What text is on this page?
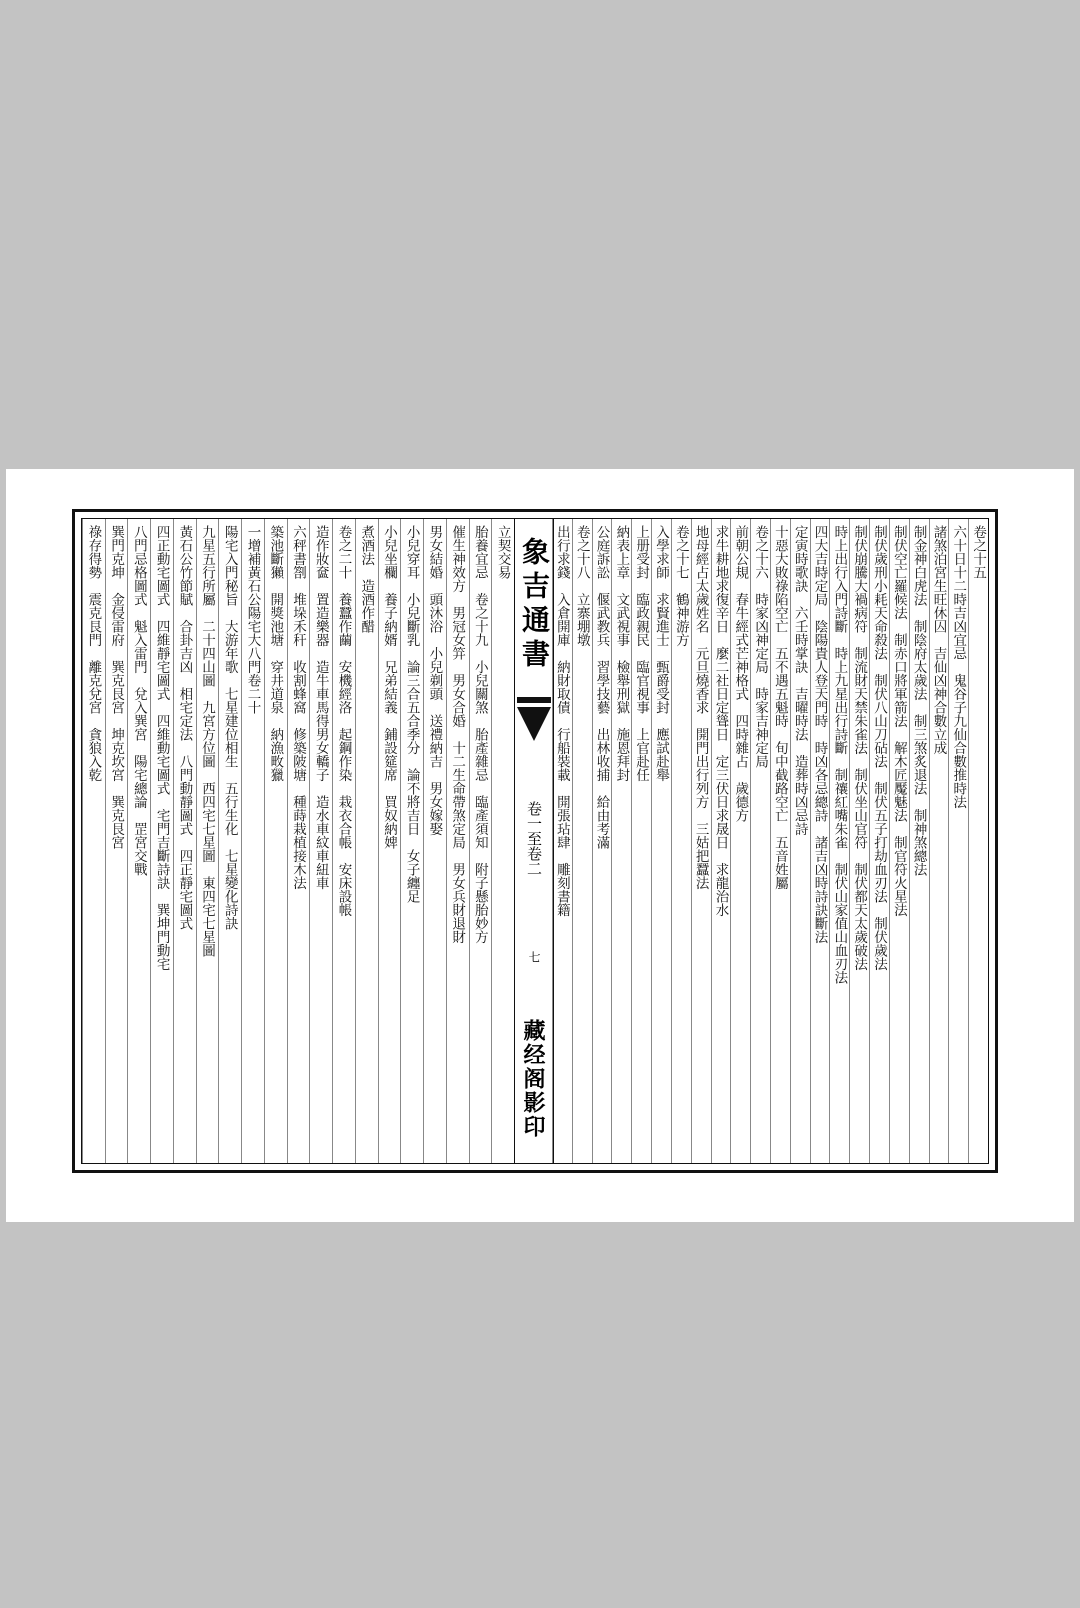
卷之十五
六十日十二時吉凶宜忌　鬼谷子九仙合數推時法
諸煞泊宮生旺休囚　吉仙凶神合數立成
制金神白虎法　制陰府太歲法　制三煞炙退法　制神煞總法
制伏空亡羅候法　制赤口將軍箭法　解木匠魘魅法　制官符火星法
制伏歲刑小耗天命殺法　制伏八山刀砧法　制伏五子打劫血刃法　制伏歲法
制伏崩騰大禍病符　制流財天禁朱雀法　制伏坐山官符　制伏都天太歲破法
時上出行入門詩斷　時上九星出行詩斷　制禳紅嘴朱雀　制伏山家值山血刃法
四大吉時定局　陰陽貴人登天門時　時凶各忌總詩　諸吉凶時詩訣斷法
定寅時歌訣　六壬時掌訣　吉曜時法　造葬時凶忌詩
十惡大敗祿陷空亡　五不遇五魁時　旬中截路空亡　五音姓屬
卷之十六　時家凶神定局　時家吉神定局
前朝公規　春牛經式芒神格式　四時雜占　歲德方
求牛耕地求復辛日　麼二社日定聳日　定三伏日求晟日　求龍治水
地母經占太歲姓名　元旦燒香求　開門出行列方　三姑把蠶法
卷之十七　鶴神游方
入學求師　求賢進士　甄爵受封　應試赴舉
上册受封　臨政親民　臨官視事　上官赴任
納表上章　文武視事　檢舉刑獄　施恩拜封
公庭訴訟　偃武教兵　習學技藝　出林收捕　給由考滿
卷之十八　立寨堋墩
出行求錢　入倉開庫　納財取債　行船裝載　開張玷肆　雕刻書籍
象吉通書
卷一至卷二
七
藏经阁影印
立契交易
胎養宜忌　卷之十九　小兒關煞　胎產雜忌　臨產須知　附子懸胎妙方
催生神效方　男冠女笄　男女合婚　十二生命帶煞定局　男女兵財退財
男女結婚　頭沐浴　小兒剃頭　送禮納吉　男女嫁娶
小兒穿耳　小兒斷乳　論三合五合季分　論不將吉日　女子纏足
小兒坐欄　養子納婿　兄弟結義　鋪設筵席　買奴納婢
煮酒法　造酒作醋
卷之二十　養蠶作繭　安機經洛　起鋼作染　栽衣合帳　安床設帳
造作妝奩　置造樂器　造牛車馬得男女轎子　造水車紋車紐車
六秤書劄　堆垛禾秆　收割蜂窩　修築陂塘　種蒔栽植接木法
築池斷獺　開獎池塘　穿井道泉　納漁畋獵
一增補黃石公陽宅大八門卷二十
陽宅入門秘旨　大游年歌　七星建位相生　五行生化　七星變化詩訣
九星五行所屬　二十四山圖　九宮方位圖　西四宅七星圖　東四宅七星圖
黃石公竹節賦　合卦吉凶　相宅定法　八門動靜圖式　四正靜宅圖式
四正動宅圖式　四維靜宅圖式　四維動宅圖式　宅門吉斷詩訣　巽坤門動宅
八門忌格圖式　魁入雷門　兌入巽宮　陽宅總論　罡宮交戰
巽門克坤　金侵雷府　巽克艮宮　坤克坎宮　巽克艮宮
祿存得勢　震克艮門　離克兌宮　貪狼入乾
